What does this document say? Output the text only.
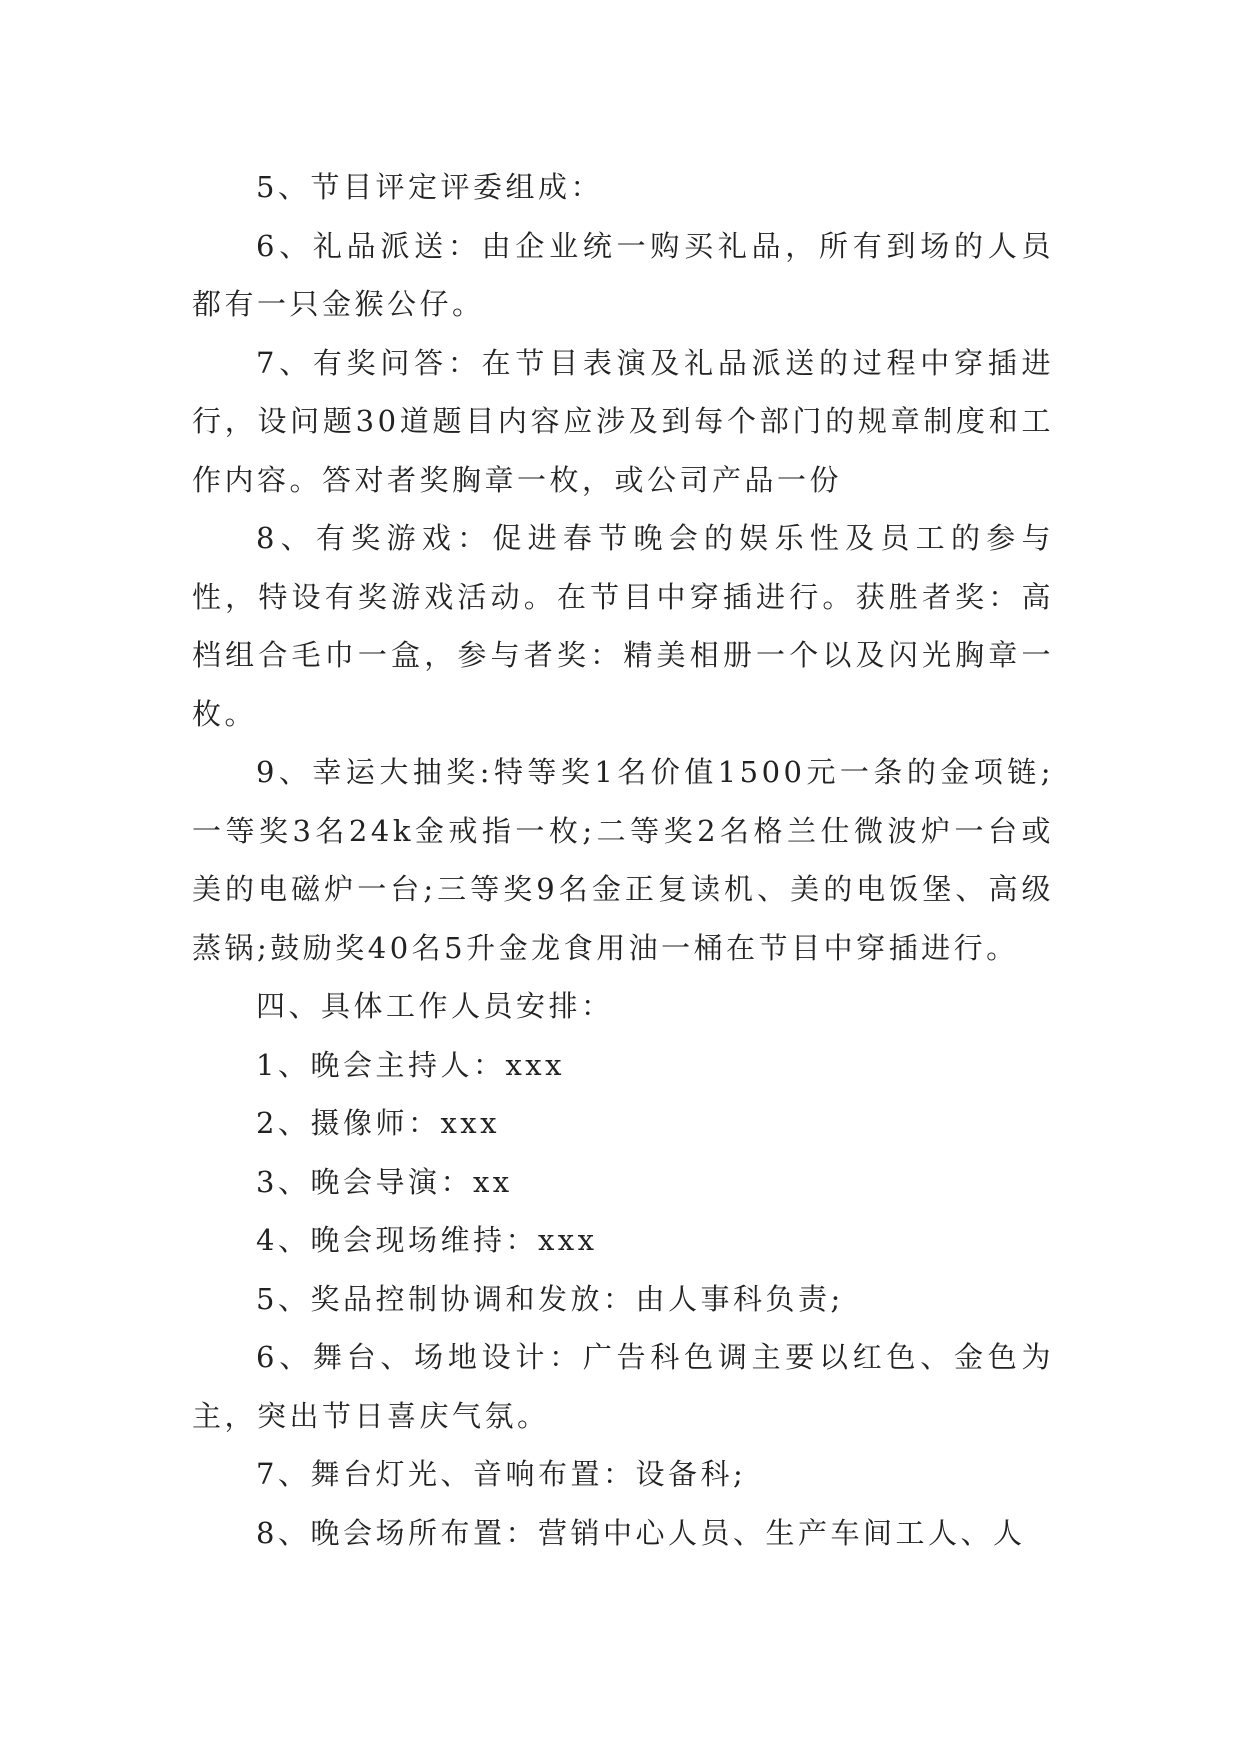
5、节目评定评委组成：

6、礼品派送：由企业统一购买礼品，所有到场的人员都有一只金猴公仔。

7、有奖问答：在节目表演及礼品派送的过程中穿插进行，设问题30道题目内容应涉及到每个部门的规章制度和工作内容。答对者奖胸章一枚，或公司产品一份

8、有奖游戏：促进春节晚会的娱乐性及员工的参与性，特设有奖游戏活动。在节目中穿插进行。获胜者奖：高档组合毛巾一盒，参与者奖：精美相册一个以及闪光胸章一枚。

9、幸运大抽奖:特等奖1名价值1500元一条的金项链;一等奖3名24k金戒指一枚;二等奖2名格兰仕微波炉一台或美的电磁炉一台;三等奖9名金正复读机、美的电饭堡、高级蒸锅;鼓励奖40名5升金龙食用油一桶在节目中穿插进行。

四、具体工作人员安排：

1、晚会主持人：xxx

2、摄像师：xxx

3、晚会导演：xx

4、晚会现场维持：xxx

5、奖品控制协调和发放：由人事科负责;

6、舞台、场地设计：广告科色调主要以红色、金色为主，突出节日喜庆气氛。

7、舞台灯光、音响布置：设备科;

8、晚会场所布置：营销中心人员、生产车间工人、人
